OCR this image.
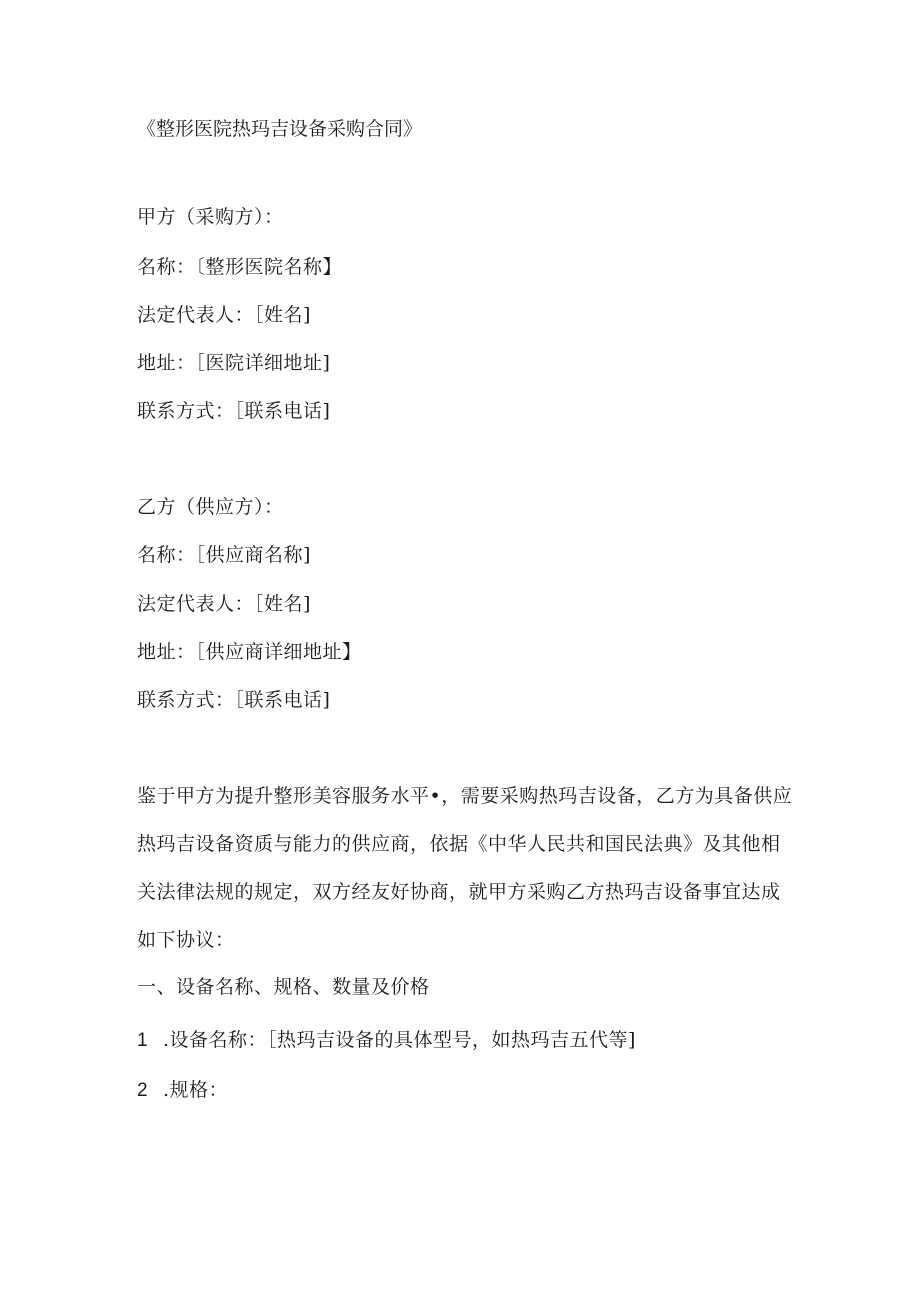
《整形医院热玛吉设备采购合同》
甲方（采购方）：
名称：〔整形医院名称】
法定代表人：［姓名]
地址：［医院详细地址]
联系方式：［联系电话]
乙方（供应方）：
名称：［供应商名称]
法定代表人：［姓名]
地址：［供应商详细地址】
联系方式：［联系电话]
鉴于甲方为提升整形美容服务水平•，需要采购热玛吉设备，乙方为具备供应热玛吉设备资质与能力的供应商，依据《中华人民共和国民法典》及其他相关法律法规的规定，双方经友好协商，就甲方采购乙方热玛吉设备事宜达成如下协议：
一、设备名称、规格、数量及价格
1 .设备名称：［热玛吉设备的具体型号，如热玛吉五代等]
2 .规格：
